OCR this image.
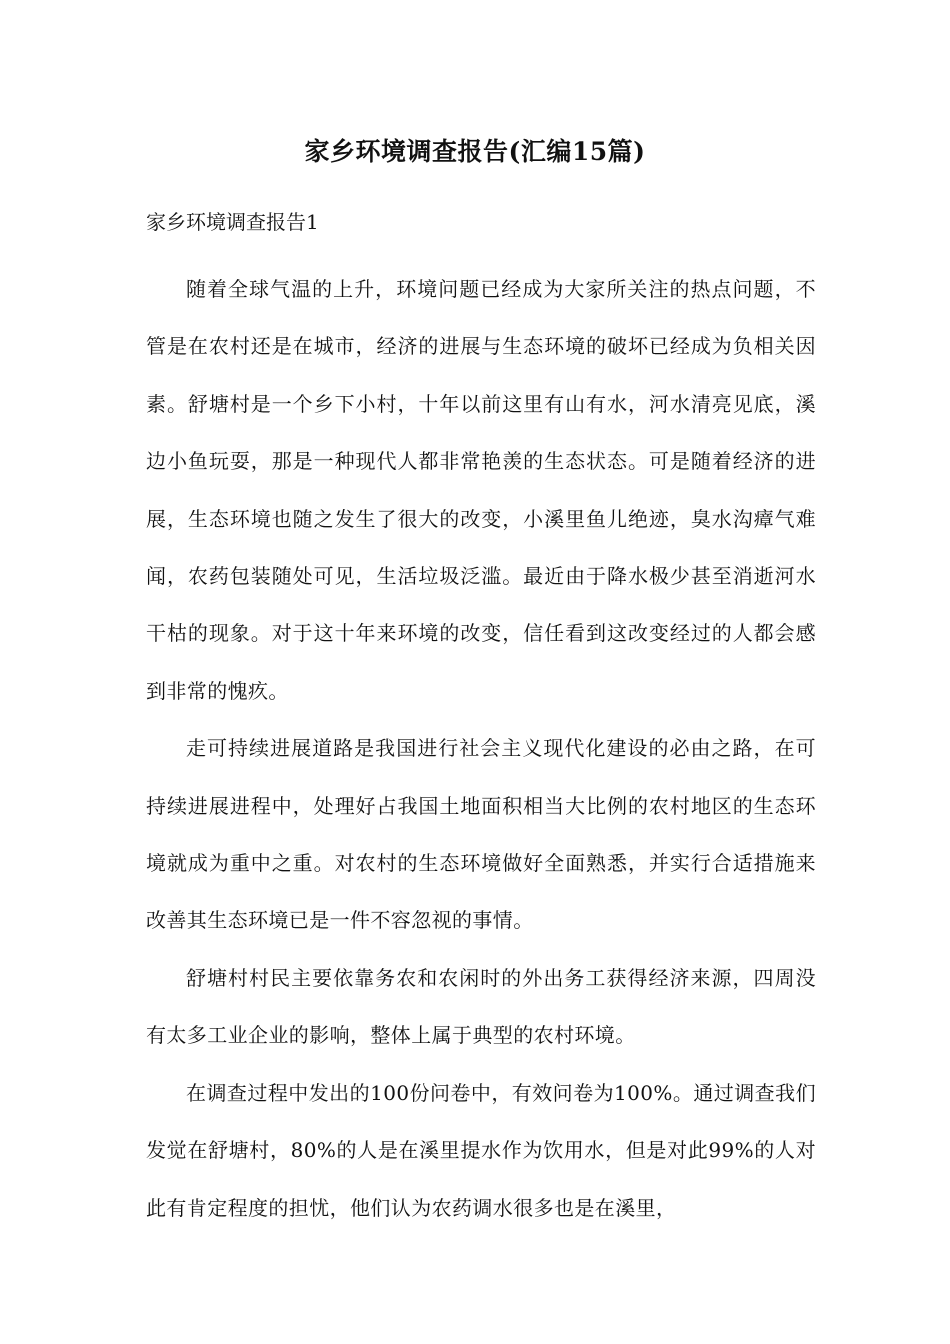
家乡环境调查报告(汇编15篇)
家乡环境调查报告1

随着全球气温的上升，环境问题已经成为大家所关注的热点问题，不管是在农村还是在城市，经济的进展与生态环境的破坏已经成为负相关因素。舒塘村是一个乡下小村，十年以前这里有山有水，河水清亮见底，溪边小鱼玩耍，那是一种现代人都非常艳羡的生态状态。可是随着经济的进展，生态环境也随之发生了很大的改变，小溪里鱼儿绝迹，臭水沟瘴气难闻，农药包装随处可见，生活垃圾泛滥。最近由于降水极少甚至消逝河水干枯的现象。对于这十年来环境的改变，信任看到这改变经过的人都会感到非常的愧疚。

走可持续进展道路是我国进行社会主义现代化建设的必由之路，在可持续进展进程中，处理好占我国土地面积相当大比例的农村地区的生态环境就成为重中之重。对农村的生态环境做好全面熟悉，并实行合适措施来改善其生态环境已是一件不容忽视的事情。

舒塘村村民主要依靠务农和农闲时的外出务工获得经济来源，四周没有太多工业企业的影响，整体上属于典型的农村环境。

在调查过程中发出的100份问卷中，有效问卷为100%。通过调查我们发觉在舒塘村，80%的人是在溪里提水作为饮用水，但是对此99%的人对此有肯定程度的担忧，他们认为农药调水很多也是在溪里，
